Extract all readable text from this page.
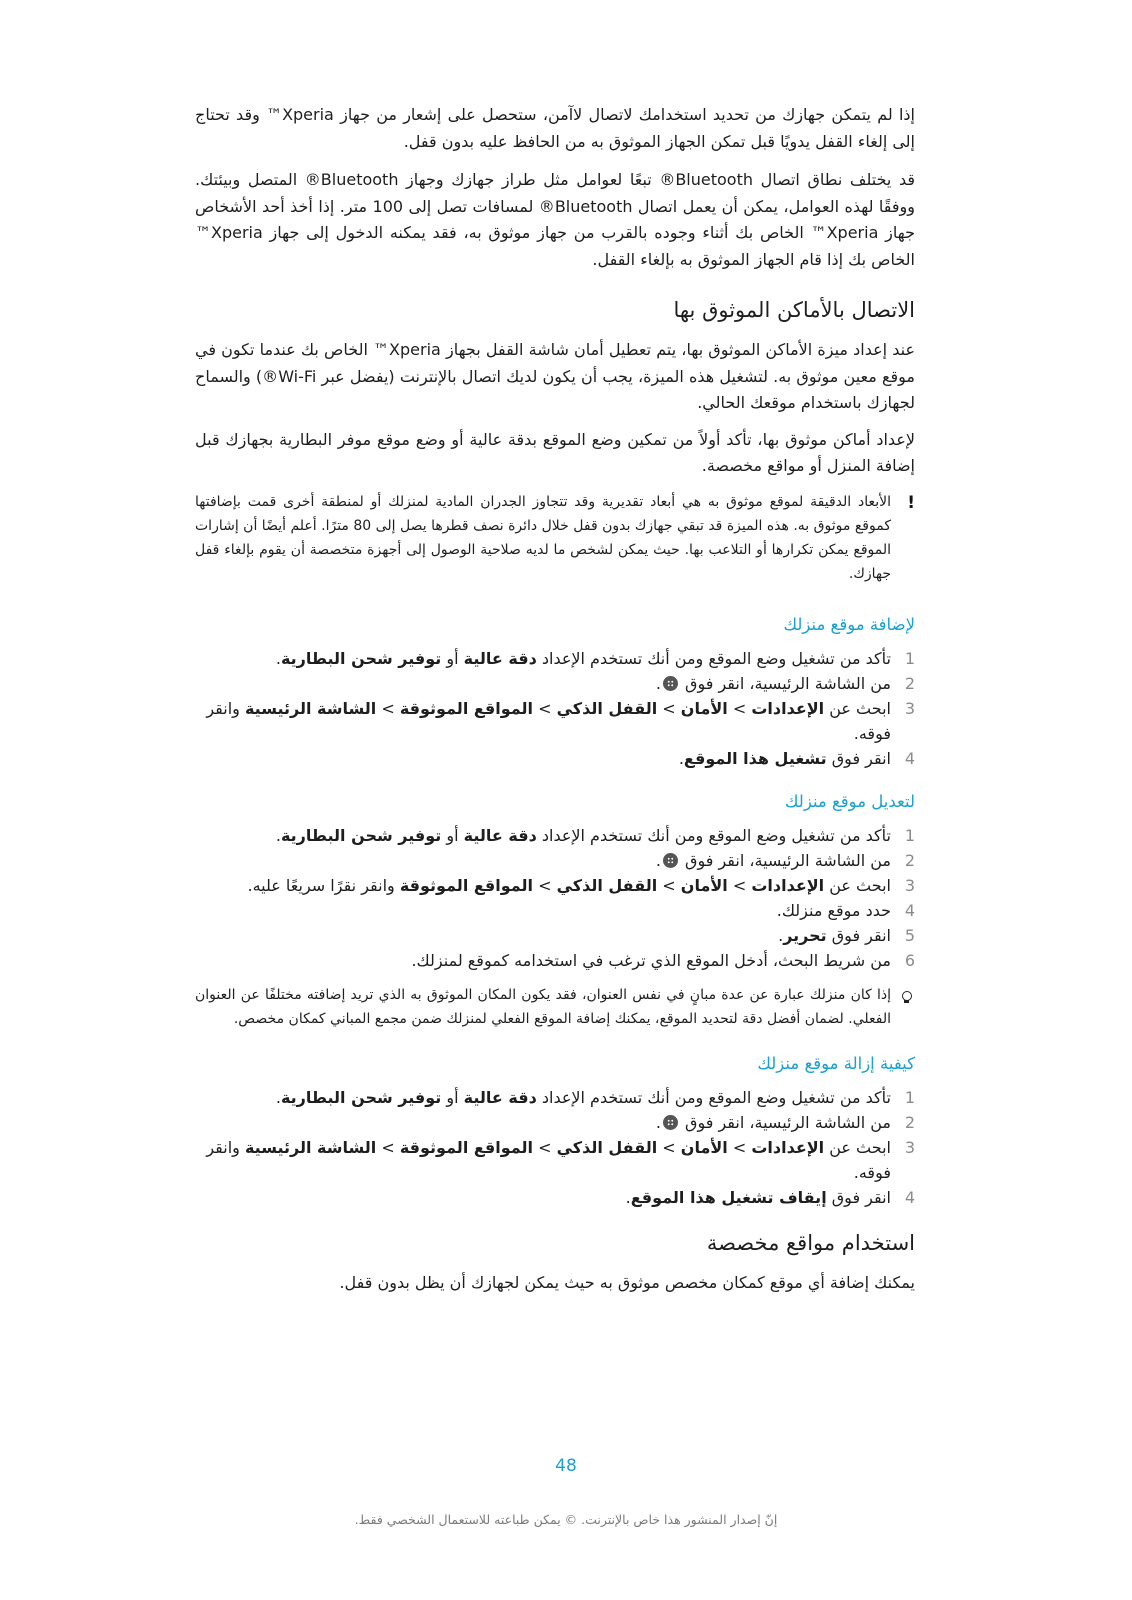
إذا لم يتمكن جهازك من تحديد استخدامك لاتصال لاآمن، ستحصل على إشعار من جهاز Xperia™ وقد تحتاج إلى إلغاء القفل يدويًا قبل تمكن الجهاز الموثوق به من الحافظ عليه بدون قفل.

قد يختلف نطاق اتصال Bluetooth® تبعًا لعوامل مثل طراز جهازك وجهاز Bluetooth® المتصل وبيئتك. ووفقًا لهذه العوامل، يمكن أن يعمل اتصال Bluetooth® لمسافات تصل إلى 100 متر. إذا أخذ أحد الأشخاص جهاز Xperia™ الخاص بك أثناء وجوده بالقرب من جهاز موثوق به، فقد يمكنه الدخول إلى جهاز Xperia™ الخاص بك إذا قام الجهاز الموثوق به بإلغاء القفل.

الاتصال بالأماكن الموثوق بها

عند إعداد ميزة الأماكن الموثوق بها، يتم تعطيل أمان شاشة القفل بجهاز Xperia™ الخاص بك عندما تكون في موقع معين موثوق به. لتشغيل هذه الميزة، يجب أن يكون لديك اتصال بالإنترنت (يفضل عبر Wi-Fi®) والسماح لجهازك باستخدام موقعك الحالي.

لإعداد أماكن موثوق بها، تأكد أولاً من تمكين وضع الموقع بدقة عالية أو وضع موقع موفر البطارية بجهازك قبل إضافة المنزل أو مواقع مخصصة.

!
الأبعاد الدقيقة لموقع موثوق به هي أبعاد تقديرية وقد تتجاوز الجدران المادية لمنزلك أو لمنطقة أخرى قمت بإضافتها كموقع موثوق به. هذه الميزة قد تبقي جهازك بدون قفل خلال دائرة نصف قطرها يصل إلى 80 مترًا. أعلم أيضًا أن إشارات الموقع يمكن تكرارها أو التلاعب بها. حيث يمكن لشخص ما لديه صلاحية الوصول إلى أجهزة متخصصة أن يقوم بإلغاء قفل جهازك.
لإضافة موقع منزلك
1
تأكد من تشغيل وضع الموقع ومن أنك تستخدم الإعداد دقة عالية أو توفير شحن البطارية.
2
من الشاشة الرئيسية، انقر فوق .
3
ابحث عن الإعدادات > الأمان > القفل الذكي > المواقع الموثوقة > الشاشة الرئيسية وانقر فوقه.
4
انقر فوق تشغيل هذا الموقع.
لتعديل موقع منزلك
1
تأكد من تشغيل وضع الموقع ومن أنك تستخدم الإعداد دقة عالية أو توفير شحن البطارية.
2
من الشاشة الرئيسية، انقر فوق .
3
ابحث عن الإعدادات > الأمان > القفل الذكي > المواقع الموثوقة وانقر نقرًا سريعًا عليه.
4
حدد موقع منزلك.
5
انقر فوق تحرير.
6
من شريط البحث، أدخل الموقع الذي ترغب في استخدامه كموقع لمنزلك.
إذا كان منزلك عبارة عن عدة مبانٍ في نفس العنوان، فقد يكون المكان الموثوق به الذي تريد إضافته مختلفًا عن العنوان الفعلي. لضمان أفضل دقة لتحديد الموقع، يمكنك إضافة الموقع الفعلي لمنزلك ضمن مجمع المباني كمكان مخصص.
كيفية إزالة موقع منزلك
1
تأكد من تشغيل وضع الموقع ومن أنك تستخدم الإعداد دقة عالية أو توفير شحن البطارية.
2
من الشاشة الرئيسية، انقر فوق .
3
ابحث عن الإعدادات > الأمان > القفل الذكي > المواقع الموثوقة > الشاشة الرئيسية وانقر فوقه.
4
انقر فوق إيقاف تشغيل هذا الموقع.
استخدام مواقع مخصصة

يمكنك إضافة أي موقع كمكان مخصص موثوق به حيث يمكن لجهازك أن يظل بدون قفل.

48
إنّ إصدار المنشور هذا خاص بالإنترنت. © يمكن طباعته للاستعمال الشخصي فقط.
